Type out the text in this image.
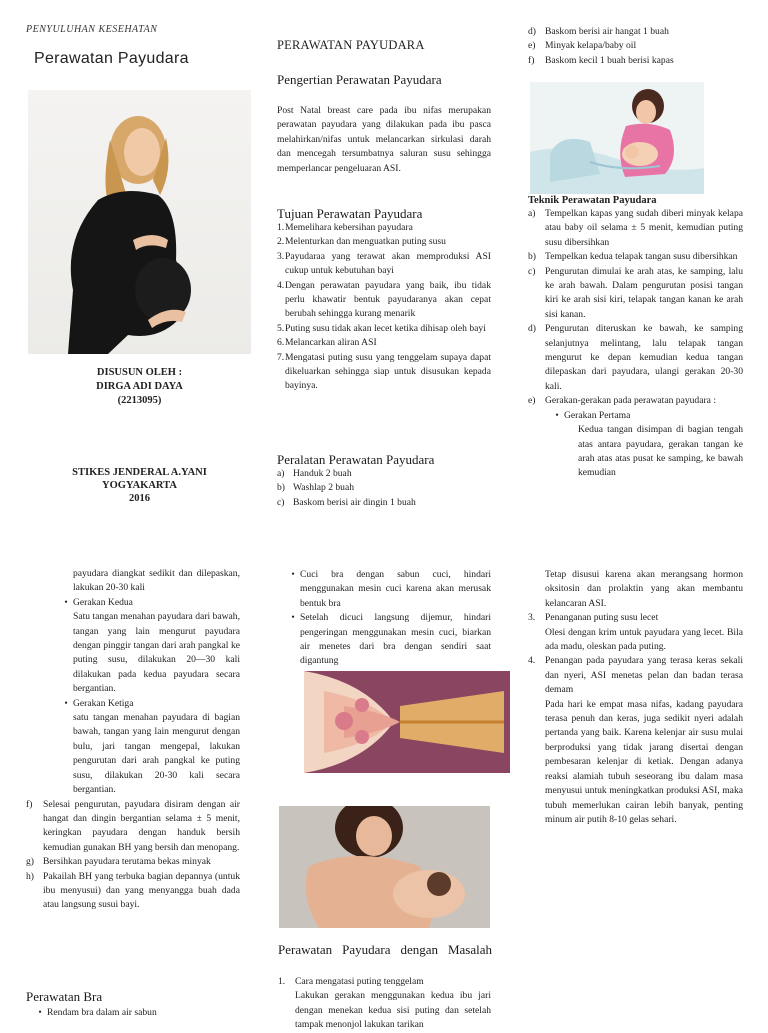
PENYULUHAN KESEHATAN
Perawatan Payudara
DISUSUN OLEH :
DIRGA ADI DAYA
(2213095)
STIKES JENDERAL A.YANI
YOGYAKARTA
2016
PERAWATAN PAYUDARA
Pengertian Perawatan Payudara
Post Natal breast care pada ibu nifas merupakan perawatan payudara yang dilakukan pada ibu pasca melahirkan/nifas untuk melancarkan sirkulasi darah dan mencegah tersumbatnya saluran susu sehingga memperlancar pengeluaran ASI.
Tujuan Perawatan Payudara
1. Memelihara kebersihan payudara
2. Melenturkan dan menguatkan puting susu
3. Payudaraa yang terawat akan memproduksi ASI cukup untuk kebutuhan bayi
4. Dengan perawatan payudara yang baik, ibu tidak perlu khawatir bentuk payudaranya akan cepat berubah sehingga kurang menarik
5. Puting susu tidak akan lecet ketika dihisap oleh bayi
6. Melancarkan aliran ASI
7. Mengatasi puting susu yang tenggelam supaya dapat dikeluarkan sehingga siap untuk disusukan kepada bayinya.
Peralatan Perawatan Payudara
a) Handuk 2 buah
b) Washlap 2 buah
c) Baskom berisi air dingin 1 buah
d) Baskom berisi air hangat 1 buah
e) Minyak kelapa/baby oil
f)	Baskom kecil 1 buah berisi kapas
Teknik Perawatan Payudara
a) Tempelkan kapas yang sudah diberi minyak kelapa atau baby oil selama ± 5 menit, kemudian puting susu dibersihkan
b) Tempelkan kedua telapak tangan susu dibersihkan
c) Pengurutan dimulai ke arah atas, ke samping, lalu ke arah bawah. Dalam pengurutan posisi tangan kiri ke arah sisi kiri, telapak tangan kanan ke arah sisi kanan.
d) Pengurutan diteruskan ke bawah, ke samping selanjutnya melintang, lalu telapak tangan mengurut ke depan kemudian kedua tangan dilepaskan dari payudara, ulangi gerakan 20-30 kali.
e) Gerakan-gerakan pada perawatan payudara :
• Gerakan Pertama
Kedua tangan disimpan di bagian tengah atas antara payudara, gerakan tangan ke arah atas atas pusat ke samping, ke bawah kemudian
payudara diangkat sedikit dan dilepaskan, lakukan 20-30 kali
• Gerakan Kedua
Satu tangan menahan payudara dari bawah, tangan yang lain mengurut payudara dengan pinggir tangan dari arah pangkal ke puting susu, dilakukan 20—30 kali dilakukan pada kedua payudara secara bergantian.
• Gerakan Ketiga
satu tangan menahan payudara di bagian bawah, tangan yang lain mengurut dengan bulu, jari tangan mengepal, lakukan pengurutan dari arah pangkal ke puting susu, dilakukan 20-30 kali secara bergantian.
f)	Selesai pengurutan, payudara disiram dengan air hangat dan dingin bergantian selama ± 5 menit, keringkan payudara dengan handuk bersih kemudian gunakan BH yang bersih dan menopang.
g) Bersihkan payudara terutama bekas minyak
h) Pakailah BH yang terbuka bagian depannya (untuk ibu menyusui) dan yang menyangga buah dada atau langsung susui bayi.
Perawatan Bra
• Rendam bra dalam air sabun
• Cuci bra dengan sabun cuci, hindari menggunakan mesin cuci karena akan merusak bentuk bra
• Setelah dicuci langsung dijemur, hindari pengeringan menggunakan mesin cuci, biarkan air menetes dari bra dengan sendiri saat digantung
Perawatan Payudara dengan Masalah
1.	Cara mengatasi puting tenggelam
Lakukan gerakan menggunakan kedua ibu jari dengan menekan kedua sisi puting dan setelah tampak menonjol lakukan tarikan
Tetap disusui karena akan merangsang hormon oksitosin dan prolaktin yang akan membantu kelancaran ASI.
3.	Penanganan puting susu lecet
Olesi dengan krim untuk payudara yang lecet. Bila ada madu, oleskan pada puting.
4.	Penangan pada payudara yang terasa keras sekali dan nyeri, ASI menetas pelan dan badan terasa demam
Pada hari ke empat masa nifas, kadang payudara terasa penuh dan keras, juga sedikit nyeri adalah pertanda yang baik. Karena kelenjar air susu mulai berproduksi yang tidak jarang disertai dengan pembesaran kelenjar di ketiak. Dengan adanya reaksi alamiah tubuh seseorang ibu dalam masa menyusui untuk meningkatkan produksi ASI, maka tubuh memerlukan cairan lebih banyak, penting minum air putih 8-10 gelas sehari.
